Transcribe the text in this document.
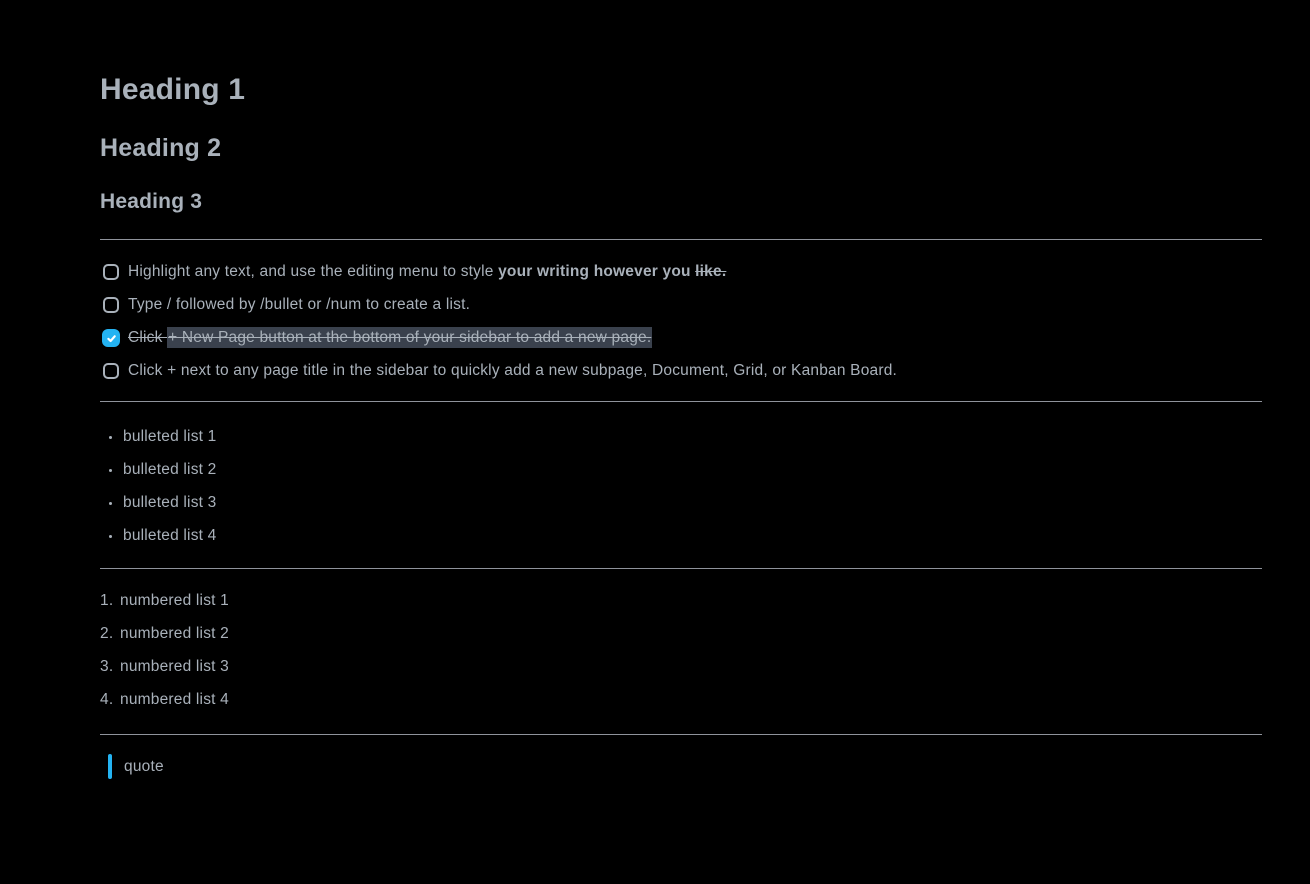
Heading 1
Heading 2
Heading 3
Highlight any text, and use the editing menu to style your writing however you like.
Type / followed by /bullet or /num to create a list.
Click + New Page button at the bottom of your sidebar to add a new page.
Click + next to any page title in the sidebar to quickly add a new subpage, Document, Grid, or Kanban Board.
bulleted list 1
bulleted list 2
bulleted list 3
bulleted list 4
1. numbered list 1
2. numbered list 2
3. numbered list 3
4. numbered list 4
quote
